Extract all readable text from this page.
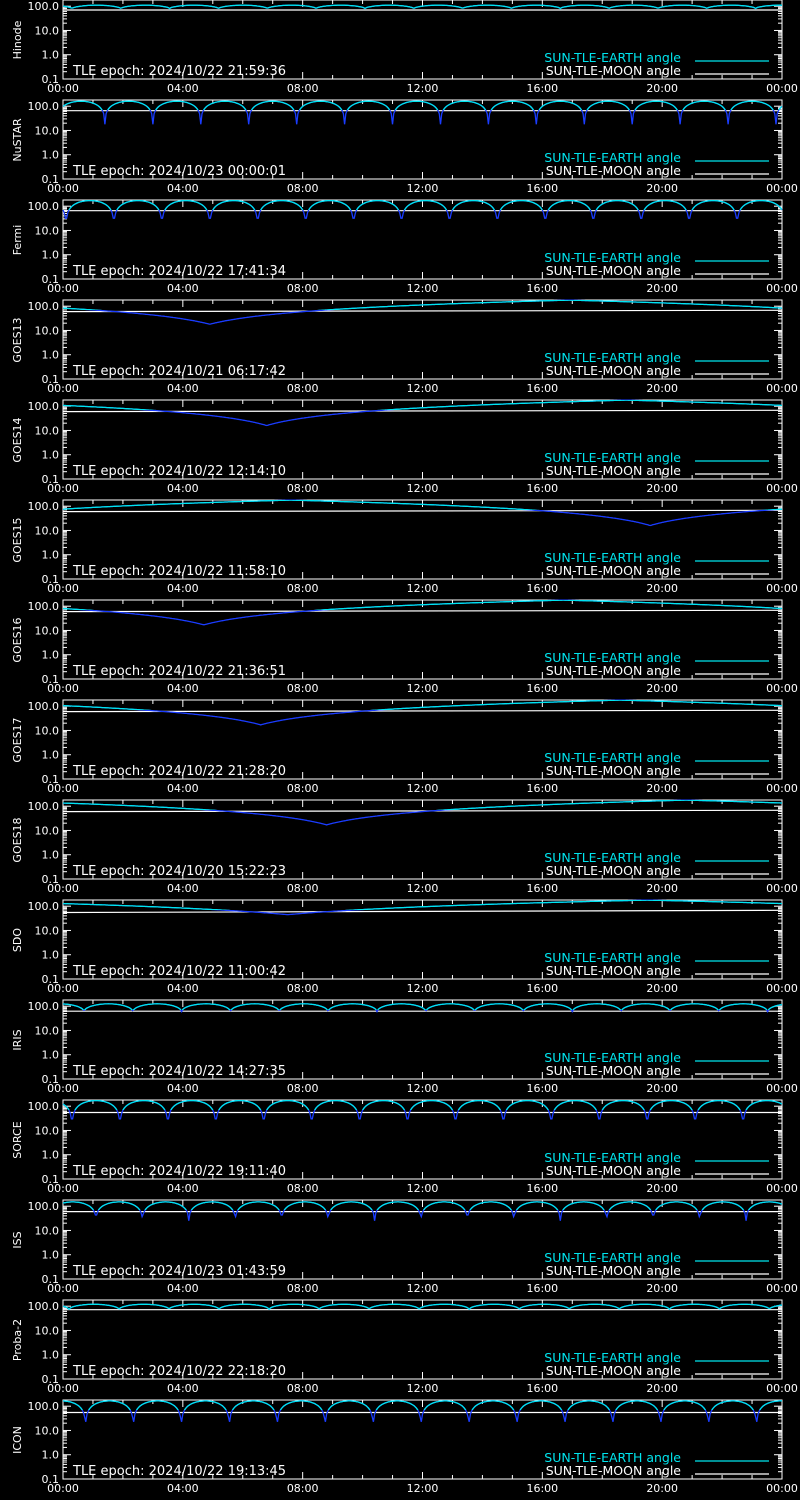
100.0
10.0
1.0
0.1
00:00	04:00	08:00	12:00	16:00	20:00	00:00
Hinode
TLE epoch: 2024/10/22 21:59:36
SUN-TLE-EARTH angle
SUN-TLE-MOON angle
100.0
10.0
1.0
0.1
00:00	04:00	08:00	12:00	16:00	20:00	00:00
NuSTAR
TLE epoch: 2024/10/23 00:00:01
SUN-TLE-EARTH angle
SUN-TLE-MOON angle
100.0
10.0
1.0
0.1
00:00	04:00	08:00	12:00	16:00	20:00	00:00
Fermi
TLE epoch: 2024/10/22 17:41:34
SUN-TLE-EARTH angle
SUN-TLE-MOON angle
100.0
10.0
1.0
0.1
00:00	04:00	08:00	12:00	16:00	20:00	00:00
GOES13
TLE epoch: 2024/10/21 06:17:42
SUN-TLE-EARTH angle
SUN-TLE-MOON angle
100.0
10.0
1.0
0.1
00:00	04:00	08:00	12:00	16:00	20:00	00:00
GOES14
TLE epoch: 2024/10/22 12:14:10
SUN-TLE-EARTH angle
SUN-TLE-MOON angle
100.0
10.0
1.0
0.1
00:00	04:00	08:00	12:00	16:00	20:00	00:00
GOES15
TLE epoch: 2024/10/22 11:58:10
SUN-TLE-EARTH angle
SUN-TLE-MOON angle
100.0
10.0
1.0
0.1
00:00	04:00	08:00	12:00	16:00	20:00	00:00
GOES16
TLE epoch: 2024/10/22 21:36:51
SUN-TLE-EARTH angle
SUN-TLE-MOON angle
100.0
10.0
1.0
0.1
00:00	04:00	08:00	12:00	16:00	20:00	00:00
GOES17
TLE epoch: 2024/10/22 21:28:20
SUN-TLE-EARTH angle
SUN-TLE-MOON angle
100.0
10.0
1.0
0.1
00:00	04:00	08:00	12:00	16:00	20:00	00:00
GOES18
TLE epoch: 2024/10/20 15:22:23
SUN-TLE-EARTH angle
SUN-TLE-MOON angle
100.0
10.0
1.0
0.1
00:00	04:00	08:00	12:00	16:00	20:00	00:00
SDO
TLE epoch: 2024/10/22 11:00:42
SUN-TLE-EARTH angle
SUN-TLE-MOON angle
100.0
10.0
1.0
0.1
00:00	04:00	08:00	12:00	16:00	20:00	00:00
IRIS
TLE epoch: 2024/10/22 14:27:35
SUN-TLE-EARTH angle
SUN-TLE-MOON angle
100.0
10.0
1.0
0.1
00:00	04:00	08:00	12:00	16:00	20:00	00:00
SORCE
TLE epoch: 2024/10/22 19:11:40
SUN-TLE-EARTH angle
SUN-TLE-MOON angle
100.0
10.0
1.0
0.1
00:00	04:00	08:00	12:00	16:00	20:00	00:00
ISS
TLE epoch: 2024/10/23 01:43:59
SUN-TLE-EARTH angle
SUN-TLE-MOON angle
100.0
10.0
1.0
0.1
00:00	04:00	08:00	12:00	16:00	20:00	00:00
Proba-2
TLE epoch: 2024/10/22 22:18:20
SUN-TLE-EARTH angle
SUN-TLE-MOON angle
100.0
10.0
1.0
0.1
00:00	04:00	08:00	12:00	16:00	20:00	00:00
ICON
TLE epoch: 2024/10/22 19:13:45
SUN-TLE-EARTH angle
SUN-TLE-MOON angle
